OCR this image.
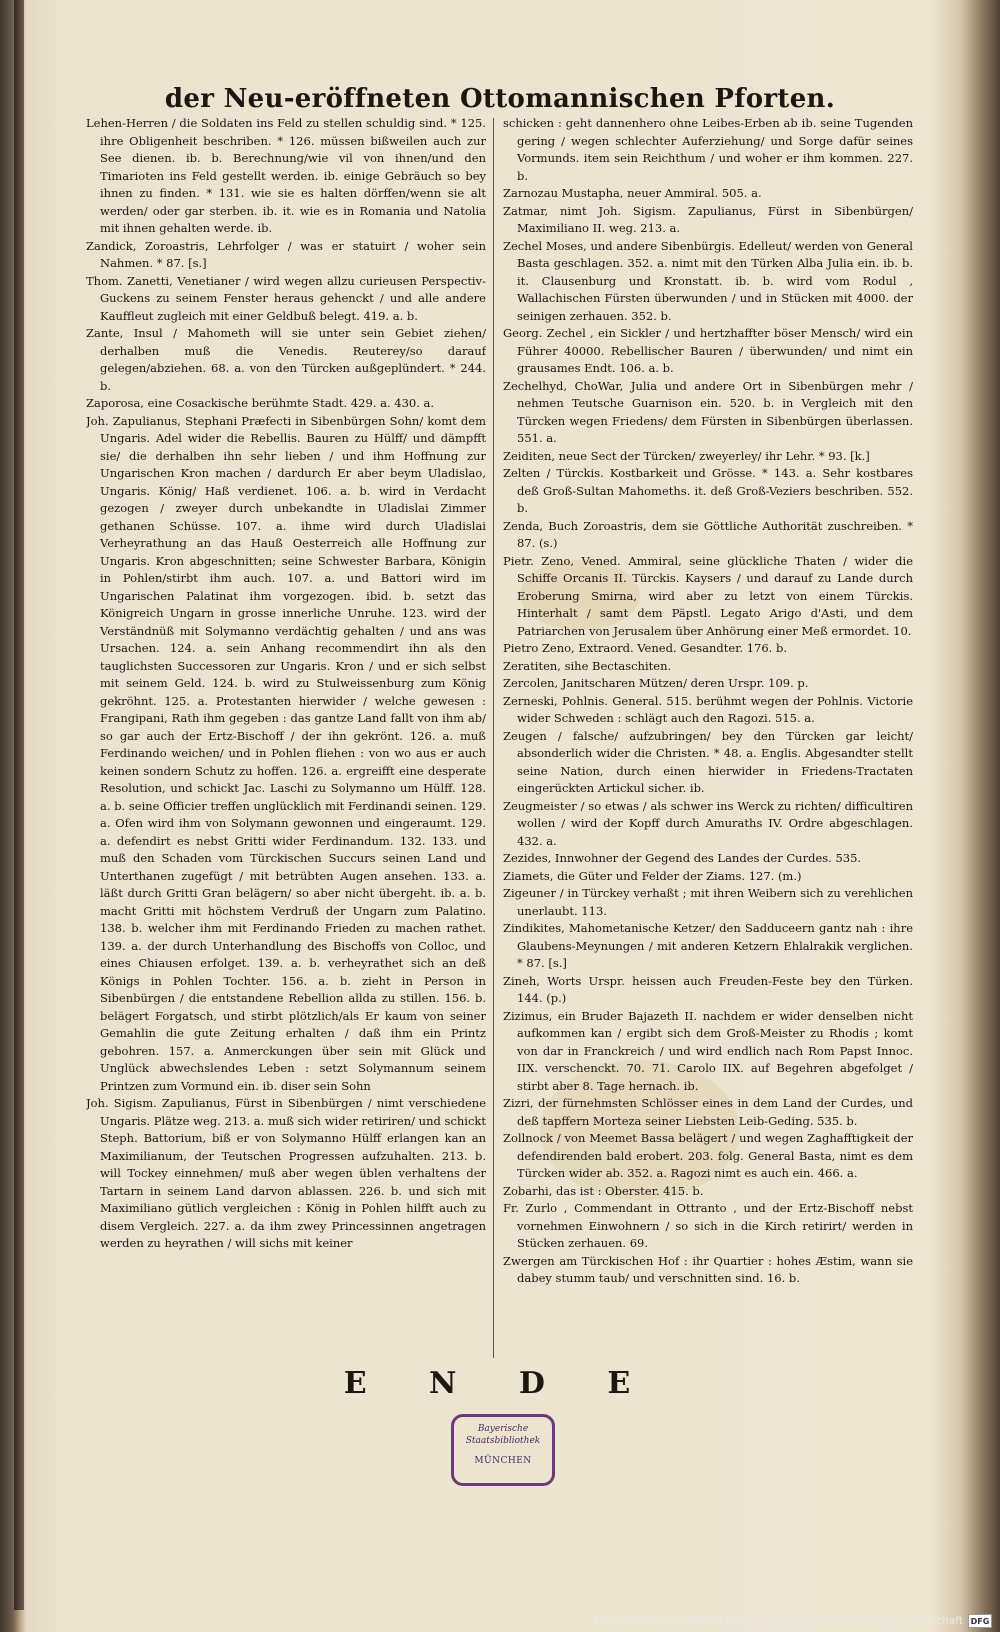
der Neu-eröffneten Ottomannischen Pforten.

Lehen-Herren / die Soldaten ins Feld zu stellen schuldig sind. * 125. ihre Obligenheit beschriben. * 126. müssen bißweilen auch zur See dienen. ib. b. Berechnung/wie vil von ihnen/und den Timarioten ins Feld gestellt werden. ib. einige Gebräuch so bey ihnen zu finden. * 131. wie sie es halten dörffen/wenn sie alt werden/ oder gar sterben. ib. it. wie es in Romania und Natolia mit ihnen gehalten werde. ib.

Zandick, Zoroastris, Lehrfolger / was er statuirt / woher sein Nahmen. * 87. [s.]

Thom. Zanetti, Venetianer / wird wegen allzu curieusen Perspectiv-Guckens zu seinem Fenster heraus gehenckt / und alle andere Kauffleut zugleich mit einer Geldbuß belegt. 419. a. b.

Zante, Insul / Mahometh will sie unter sein Gebiet ziehen/ derhalben muß die Venedis. Reuterey/so darauf gelegen/abziehen. 68. a. von den Türcken außgeplündert. * 244. b.

Zaporosa, eine Cosackische berühmte Stadt. 429. a. 430. a.

Joh. Zapulianus, Stephani Præfecti in Sibenbürgen Sohn/ komt dem Ungaris. Adel wider die Rebellis. Bauren zu Hülff/ und dämpfft sie/ die derhalben ihn sehr lieben / und ihm Hoffnung zur Ungarischen Kron machen / dardurch Er aber beym Uladislao, Ungaris. König/ Haß verdienet. 106. a. b. wird in Verdacht gezogen / zweyer durch unbekandte in Uladislai Zimmer gethanen Schüsse. 107. a. ihme wird durch Uladislai Verheyrathung an das Hauß Oesterreich alle Hoffnung zur Ungaris. Kron abgeschnitten; seine Schwester Barbara, Königin in Pohlen/stirbt ihm auch. 107. a. und Battori wird im Ungarischen Palatinat ihm vorgezogen. ibid. b. setzt das Königreich Ungarn in grosse innerliche Unruhe. 123. wird der Verständnüß mit Solymanno verdächtig gehalten / und ans was Ursachen. 124. a. sein Anhang recommendirt ihn als den tauglichsten Successoren zur Ungaris. Kron / und er sich selbst mit seinem Geld. 124. b. wird zu Stulweissenburg zum König gekröhnt. 125. a. Protestanten hierwider / welche gewesen : Frangipani, Rath ihm gegeben : das gantze Land fallt von ihm ab/ so gar auch der Ertz-Bischoff / der ihn gekrönt. 126. a. muß Ferdinando weichen/ und in Pohlen fliehen : von wo aus er auch keinen sondern Schutz zu hoffen. 126. a. ergreifft eine desperate Resolution, und schickt Jac. Laschi zu Solymanno um Hülff. 128. a. b. seine Officier treffen unglücklich mit Ferdinandi seinen. 129. a. Ofen wird ihm von Solymann gewonnen und eingeraumt. 129. a. defendirt es nebst Gritti wider Ferdinandum. 132. 133. und muß den Schaden vom Türckischen Succurs seinen Land und Unterthanen zugefügt / mit betrübten Augen ansehen. 133. a. läßt durch Gritti Gran belägern/ so aber nicht übergeht. ib. a. b. macht Gritti mit höchstem Verdruß der Ungarn zum Palatino. 138. b. welcher ihm mit Ferdinando Frieden zu machen rathet. 139. a. der durch Unterhandlung des Bischoffs von Colloc, und eines Chiausen erfolget. 139. a. b. verheyrathet sich an deß Königs in Pohlen Tochter. 156. a. b. zieht in Person in Sibenbürgen / die entstandene Rebellion allda zu stillen. 156. b. belägert Forgatsch, und stirbt plötzlich/als Er kaum von seiner Gemahlin die gute Zeitung erhalten / daß ihm ein Printz gebohren. 157. a. Anmerckungen über sein mit Glück und Unglück abwechslendes Leben : setzt Solymannum seinem Printzen zum Vormund ein. ib. diser sein Sohn

Joh. Sigism. Zapulianus, Fürst in Sibenbürgen / nimt verschiedene Ungaris. Plätze weg. 213. a. muß sich wider retiriren/ und schickt Steph. Battorium, biß er von Solymanno Hülff erlangen kan an Maximilianum, der Teutschen Progressen aufzuhalten. 213. b. will Tockey einnehmen/ muß aber wegen üblen verhaltens der Tartarn in seinem Land darvon ablassen. 226. b. und sich mit Maximiliano gütlich vergleichen : König in Pohlen hilfft auch zu disem Vergleich. 227. a. da ihm zwey Princessinnen angetragen werden zu heyrathen / will sichs mit keiner

schicken : geht dannenhero ohne Leibes-Erben ab ib. seine Tugenden gering / wegen schlechter Auferziehung/ und Sorge dafür seines Vormunds. item sein Reichthum / und woher er ihm kommen. 227. b.

Zarnozau Mustapha, neuer Ammiral. 505. a.

Zatmar, nimt Joh. Sigism. Zapulianus, Fürst in Sibenbürgen/ Maximiliano II. weg. 213. a.

Zechel Moses, und andere Sibenbürgis. Edelleut/ werden von General Basta geschlagen. 352. a. nimt mit den Türken Alba Julia ein. ib. b. it. Clausenburg und Kronstatt. ib. b. wird vom Rodul , Wallachischen Fürsten überwunden / und in Stücken mit 4000. der seinigen zerhauen. 352. b.

Georg. Zechel , ein Sickler / und hertzhaffter böser Mensch/ wird ein Führer 40000. Rebellischer Bauren / überwunden/ und nimt ein grausames Endt. 106. a. b.

Zechelhyd, ChoWar, Julia und andere Ort in Sibenbürgen mehr / nehmen Teutsche Guarnison ein. 520. b. in Vergleich mit den Türcken wegen Friedens/ dem Fürsten in Sibenbürgen überlassen. 551. a.

Zeiditen, neue Sect der Türcken/ zweyerley/ ihr Lehr. * 93. [k.]

Zelten / Türckis. Kostbarkeit und Grösse. * 143. a. Sehr kostbares deß Groß-Sultan Mahomeths. it. deß Groß-Veziers beschriben. 552. b.

Zenda, Buch Zoroastris, dem sie Göttliche Authorität zuschreiben. * 87. (s.)

Pietr. Zeno, Vened. Ammiral, seine glückliche Thaten / wider die Schiffe Orcanis II. Türckis. Kaysers / und darauf zu Lande durch Eroberung Smirna, wird aber zu letzt von einem Türckis. Hinterhalt / samt dem Päpstl. Legato Arigo d'Asti, und dem Patriarchen von Jerusalem über Anhörung einer Meß ermordet. 10.

Pietro Zeno, Extraord. Vened. Gesandter. 176. b.

Zeratiten, sihe Bectaschiten.

Zercolen, Janitscharen Mützen/ deren Urspr. 109. p.

Zerneski, Pohlnis. General. 515. berühmt wegen der Pohlnis. Victorie wider Schweden : schlägt auch den Ragozi. 515. a.

Zeugen / falsche/ aufzubringen/ bey den Türcken gar leicht/ absonderlich wider die Christen. * 48. a. Englis. Abgesandter stellt seine Nation, durch einen hierwider in Friedens-Tractaten eingerückten Artickul sicher. ib.

Zeugmeister / so etwas / als schwer ins Werck zu richten/ difficultiren wollen / wird der Kopff durch Amuraths IV. Ordre abgeschlagen. 432. a.

Zezides, Innwohner der Gegend des Landes der Curdes. 535.

Ziamets, die Güter und Felder der Ziams. 127. (m.)

Zigeuner / in Türckey verhaßt ; mit ihren Weibern sich zu verehlichen unerlaubt. 113.

Zindikites, Mahometanische Ketzer/ den Sadduceern gantz nah : ihre Glaubens-Meynungen / mit anderen Ketzern Ehlalrakik verglichen. * 87. [s.]

Zineh, Worts Urspr. heissen auch Freuden-Feste bey den Türken. 144. (p.)

Zizimus, ein Bruder Bajazeth II. nachdem er wider denselben nicht aufkommen kan / ergibt sich dem Groß-Meister zu Rhodis ; komt von dar in Franckreich / und wird endlich nach Rom Papst Innoc. IIX. verschenckt. 70. 71. Carolo IIX. auf Begehren abgefolget / stirbt aber 8. Tage hernach. ib.

Zizri, der fürnehmsten Schlösser eines in dem Land der Curdes, und deß tapffern Morteza seiner Liebsten Leib-Geding. 535. b.

Zollnock / von Meemet Bassa belägert / und wegen Zaghafftigkeit der defendirenden bald erobert. 203. folg. General Basta, nimt es dem Türcken wider ab. 352. a. Ragozi nimt es auch ein. 466. a.

Zobarhi, das ist : Oberster. 415. b.

Fr. Zurlo , Commendant in Ottranto , und der Ertz-Bischoff nebst vornehmen Einwohnern / so sich in die Kirch retirirt/ werden in Stücken zerhauen. 69.

Zwergen am Türckischen Hof : ihr Quartier : hohes Æstim, wann sie dabey stumm taub/ und verschnitten sind. 16. b.

E N D E
Bayerische
Staatsbibliothek
MÜNCHEN
Digitalisierung gefördert durch die Deutsche Forschungsgemeinschaft DFG
